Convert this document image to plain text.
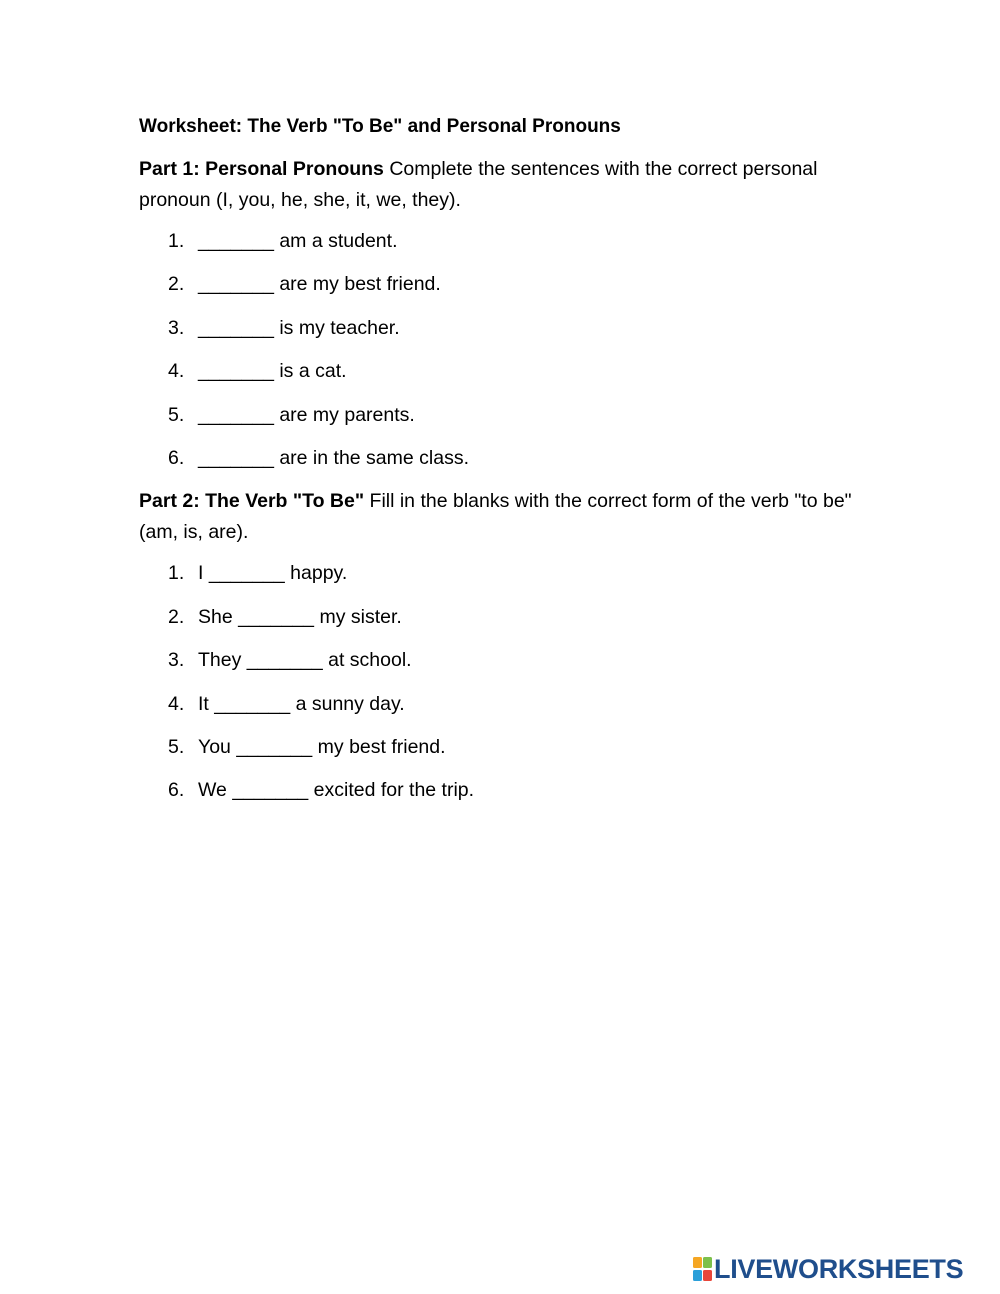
Worksheet: The Verb "To Be" and Personal Pronouns
Part 1: Personal Pronouns Complete the sentences with the correct personal pronoun (I, you, he, she, it, we, they).
1. _______ am a student.
2. _______ are my best friend.
3. _______ is my teacher.
4. _______ is a cat.
5. _______ are my parents.
6. _______ are in the same class.
Part 2: The Verb "To Be" Fill in the blanks with the correct form of the verb "to be" (am, is, are).
1. I _______ happy.
2. She _______ my sister.
3. They _______ at school.
4. It _______ a sunny day.
5. You _______ my best friend.
6. We _______ excited for the trip.
LIVEWORKSHEETS
